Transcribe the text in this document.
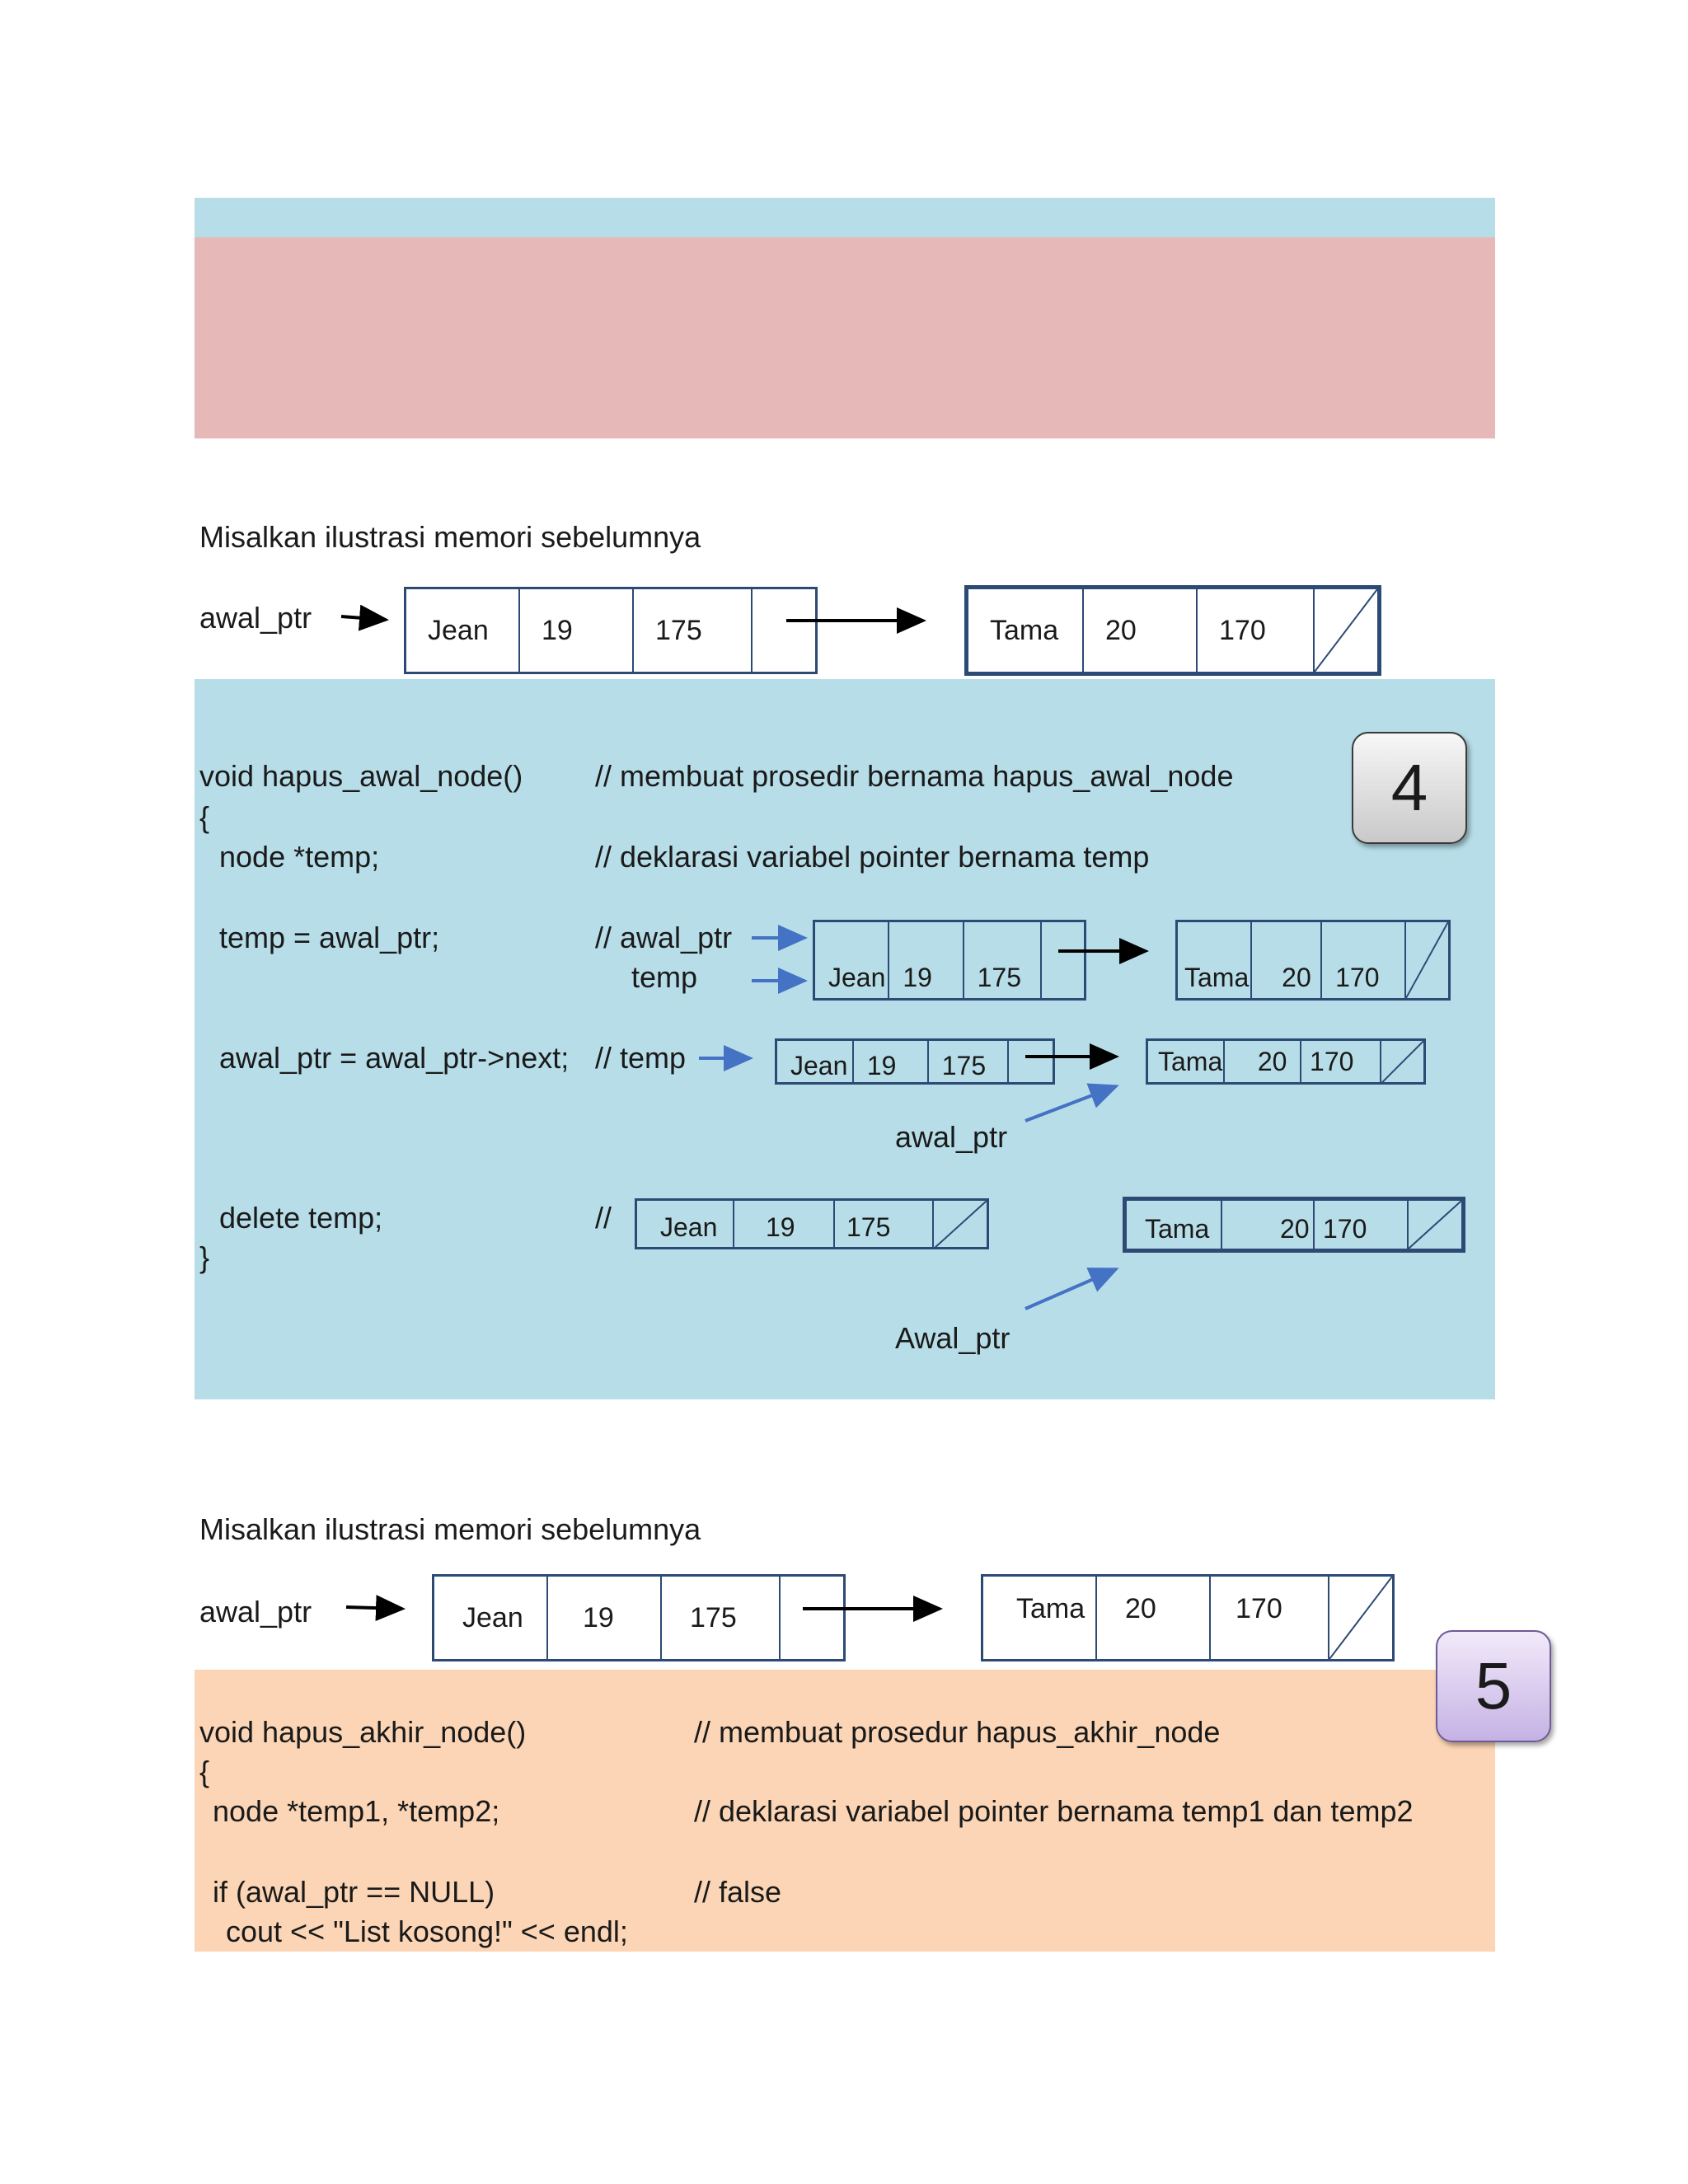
Misalkan ilustrasi memori sebelumnya
awal_ptr	Jean	19	175	Tama	20	170
4
void hapus_awal_node() // membuat prosedir bernama hapus_awal_node
{
node *temp;	// deklarasi variabel pointer bernama temp
temp = awal_ptr;	// awal_ptr
temp
awal_ptr = awal_ptr->next; // temp
awal_ptr
delete temp;	//
}
Awal_ptr
Jean 19	175	Tama	20 170
Jean 19	175	Tama	20 170
Jean	19	175	Tama	20 170
Misalkan ilustrasi memori sebelumnya
awal_ptr	Jean	19	175	Tama	20	170
5
void hapus_akhir_node()	// membuat prosedur hapus_akhir_node
{
node *temp1, *temp2;	// deklarasi variabel pointer bernama temp1 dan temp2
if (awal_ptr == NULL)	// false
cout << "List kosong!" << endl;
